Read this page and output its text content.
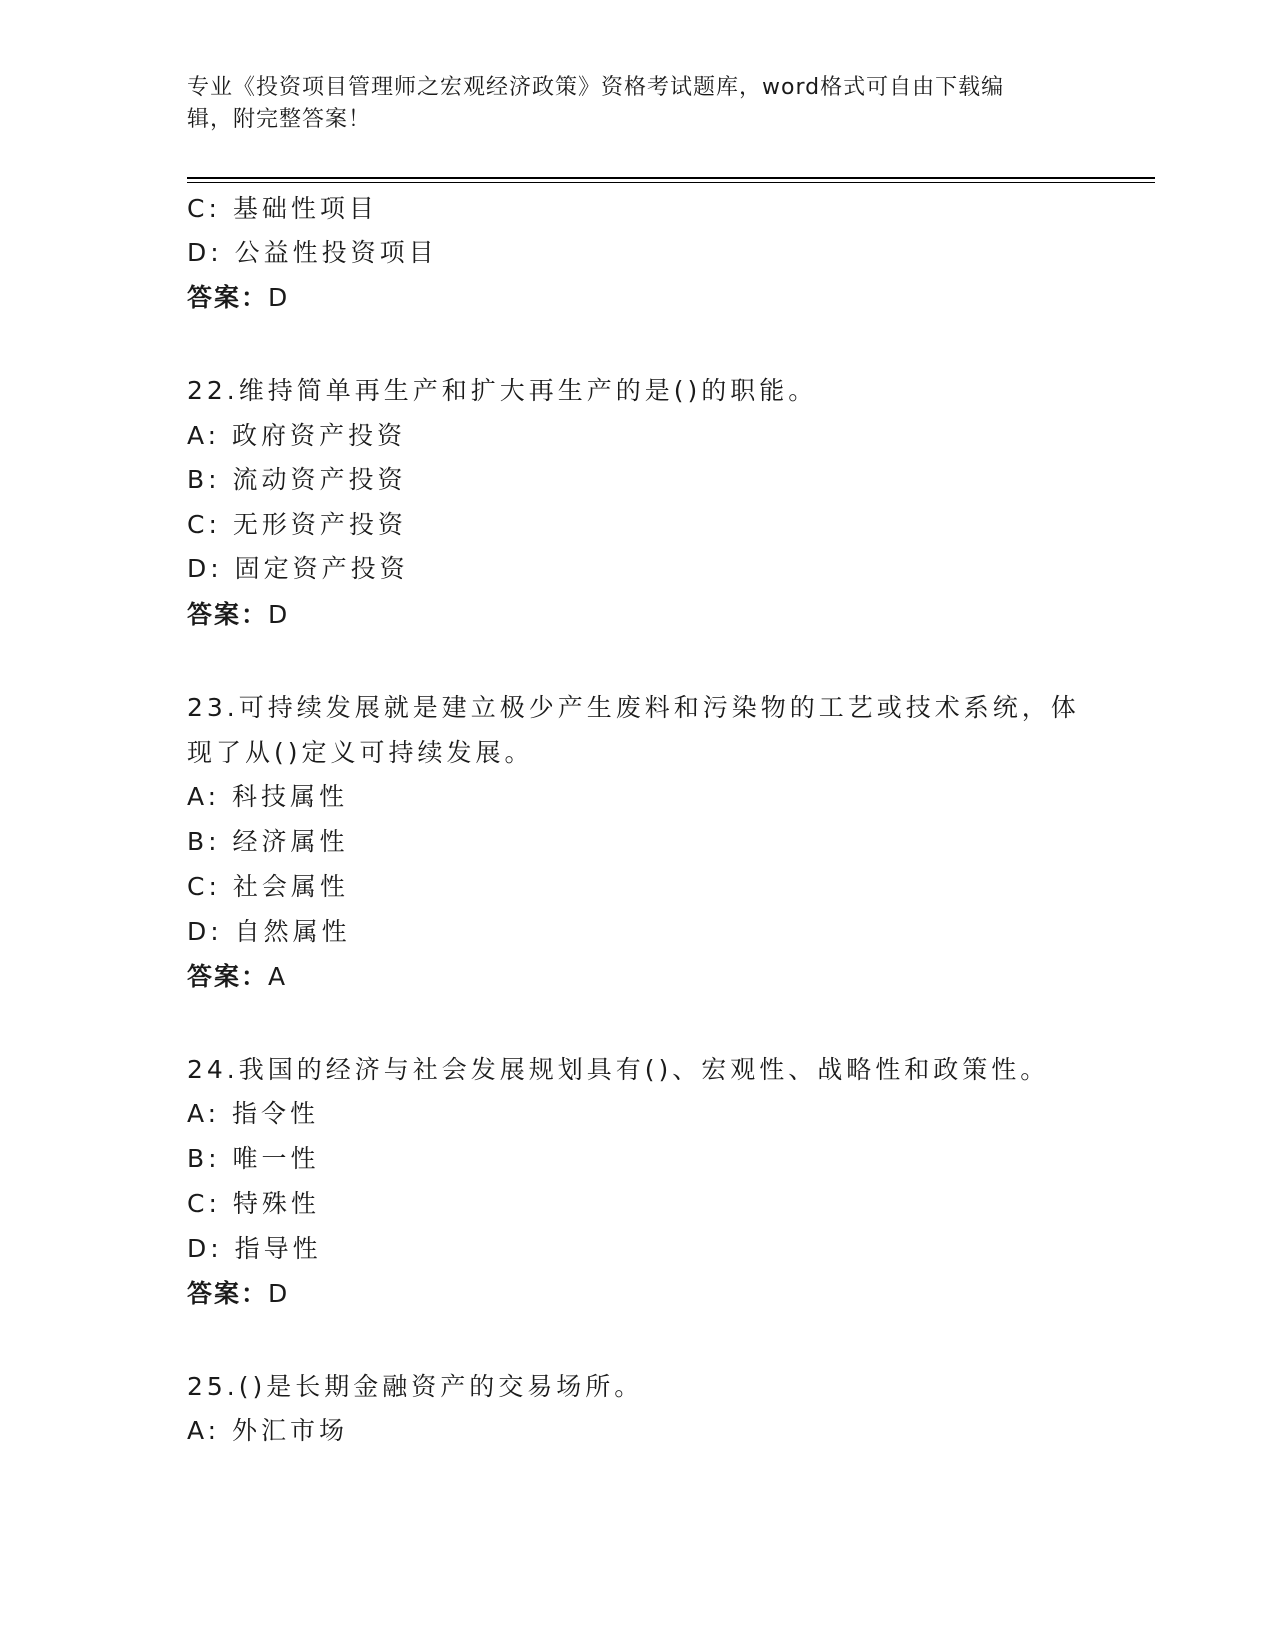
专业《投资项目管理师之宏观经济政策》资格考试题库，word格式可自由下载编
辑，附完整答案！

C: 基础性项目

D: 公益性投资项目

答案：D

22.维持简单再生产和扩大再生产的是()的职能。

A: 政府资产投资

B: 流动资产投资

C: 无形资产投资

D: 固定资产投资

答案：D

23.可持续发展就是建立极少产生废料和污染物的工艺或技术系统，体

现了从()定义可持续发展。

A: 科技属性

B: 经济属性

C: 社会属性

D: 自然属性

答案：A

24.我国的经济与社会发展规划具有()、宏观性、战略性和政策性。

A: 指令性

B: 唯一性

C: 特殊性

D: 指导性

答案：D

25.()是长期金融资产的交易场所。

A: 外汇市场
